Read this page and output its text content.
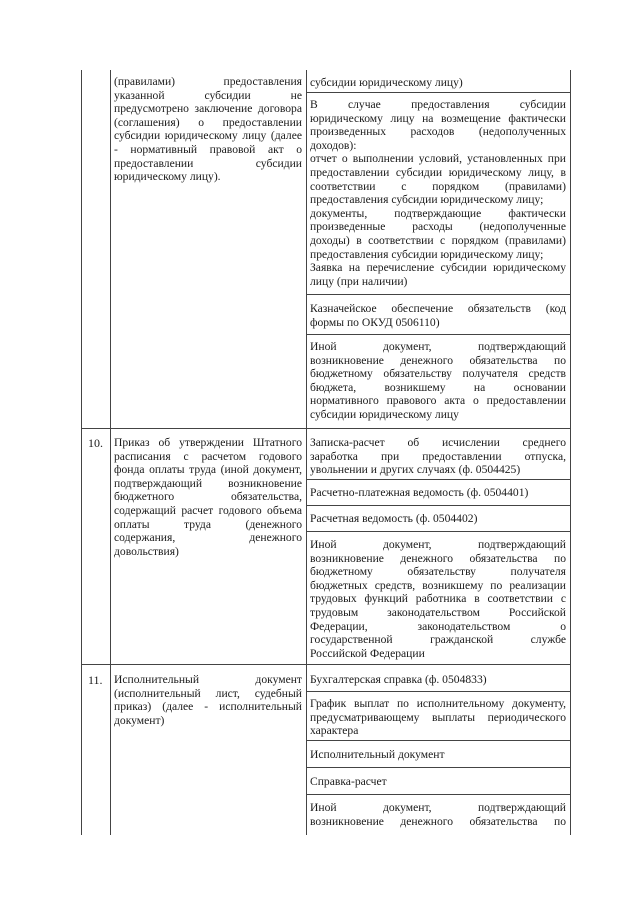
(правилами) предоставления

указанной субсидии не

предусмотрено заключение договора

(соглашения) о предоставлении

субсидии юридическому лицу (далее

- нормативный правовой акт о

предоставлении субсидии

юридическому лицу).

субсидии юридическому лицу)

В случае предоставления субсидии

юридическому лицу на возмещение фактически

произведенных расходов (недополученных

доходов):

отчет о выполнении условий, установленных при

предоставлении субсидии юридическому лицу, в

соответствии с порядком (правилами)

предоставления субсидии юридическому лицу;

документы, подтверждающие фактически

произведенные расходы (недополученные

доходы) в соответствии с порядком (правилами)

предоставления субсидии юридическому лицу;

Заявка на перечисление субсидии юридическому

лицу (при наличии)

Казначейское обеспечение обязательств (код

формы по ОКУД 0506110)

Иной документ, подтверждающий

возникновение денежного обязательства по

бюджетному обязательству получателя средств

бюджета, возникшему на основании

нормативного правового акта о предоставлении

субсидии юридическому лицу

10. Приказ об утверждении Штатного

расписания с расчетом годового

фонда оплаты труда (иной документ,

подтверждающий возникновение

бюджетного обязательства,

содержащий расчет годового объема

оплаты труда (денежного

содержания, денежного

довольствия)

Записка-расчет об исчислении среднего

заработка при предоставлении отпуска,

увольнении и других случаях (ф. 0504425)

Расчетно-платежная ведомость (ф. 0504401)

Расчетная ведомость (ф. 0504402)

Иной документ, подтверждающий

возникновение денежного обязательства по

бюджетному обязательству получателя

бюджетных средств, возникшему по реализации

трудовых функций работника в соответствии с

трудовым законодательством Российской

Федерации, законодательством о

государственной гражданской службе

Российской Федерации

11. Исполнительный документ

(исполнительный лист, судебный

приказ) (далее - исполнительный

документ)

Бухгалтерская справка (ф. 0504833)

График выплат по исполнительному документу,

предусматривающему выплаты периодического

характера

Исполнительный документ

Справка-расчет

Иной документ, подтверждающий

возникновение денежного обязательства по
